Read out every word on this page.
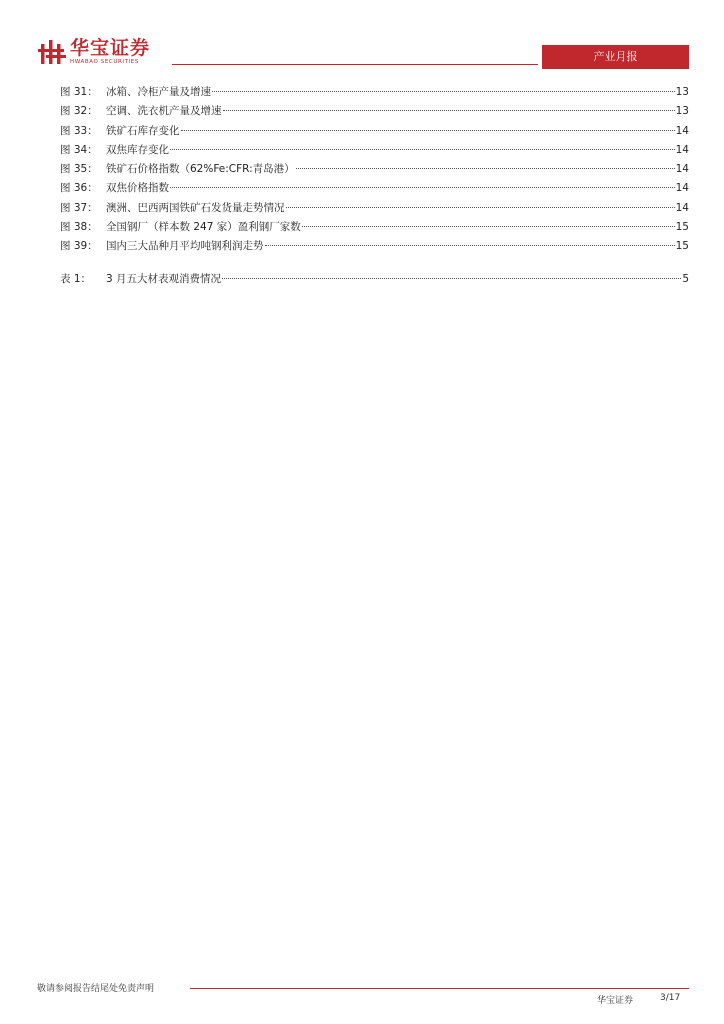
华宝证券
HWABAO SECURITIES	产业月报
图 31： 冰箱、冷柜产量及增速	13
图 32： 空调、洗衣机产量及增速	13
图 33： 铁矿石库存变化	14
图 34： 双焦库存变化	14
图 35： 铁矿石价格指数（62%Fe:CFR:青岛港）	14
图 36： 双焦价格指数	14
图 37： 澳洲、巴西两国铁矿石发货量走势情况	14
图 38： 全国钢厂（样本数 247 家）盈利钢厂家数	15
图 39： 国内三大品种月平均吨钢利润走势	15
表 1：	3 月五大材表观消费情况	5
敬请参阅报告结尾处免责声明
华宝证券	3/17
